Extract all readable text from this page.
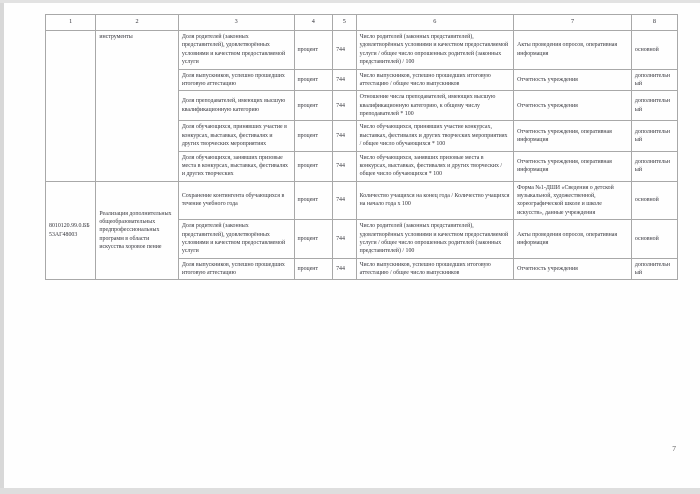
1	2	3	4	5	6	7	8
	инструменты	Доля родителей (законных представителей), удовлетворённых условиями и качеством предоставляемой услуги	процент	744	Число родителей (законных представителей), удовлетворённых условиями и качеством предоставляемой услуги / общее число опрошенных родителей (законных представителей) / 100	Акты проведения опросов, оперативная информация	основной
		Доля выпускников, успешно прошедших итоговую аттестацию	процент	744	Число выпускников, успешно прошедших итоговую аттестацию / общее число выпускников	Отчетность учреждения	дополнительный
		Доля преподавателей, имеющих высшую квалификационную категорию	процент	744	Отношение числа преподавателей, имеющих высшую квалификационную категорию, к общему числу преподавателей * 100	Отчетность учреждения	дополнительный
		Доля обучающихся, принявших участие в конкурсах, выставках, фестивалях и других творческих мероприятиях	процент	744	Число обучающихся, принявших участие конкурсах, выставках, фестивалях и других творческих мероприятиях / общее число обучающихся * 100	Отчетность учреждения, оперативная информация	дополнительный
		Доля обучающихся, занявших призовые места в конкурсах, выставках, фестивалях и других творческих	процент	744	Число обучающихся, занявших призовые места в конкурсах, выставках, фестивалях и других творческих / общее число обучающихся * 100	Отчетность учреждения, оперативная информация	дополнительный
8010120.99.0.ББ53АГ48003	Реализация дополнительных общеобразовательных предпрофессиональных программ в области искусства хоровое пение	Сохранение контингента обучающихся в течение учебного года	процент	744	Количество учащихся на конец года / Количество учащихся на начало года х 100	Форма №1-ДШИ «Сведения о детской музыкальной, художественной, хореографической школе и школе искусств», данные учреждения	основной
		Доля родителей (законных представителей), удовлетворённых условиями и качеством предоставляемой услуги	процент	744	Число родителей (законных представителей), удовлетворённых условиями и качеством предоставляемой услуги / общее число опрошенных родителей (законных представителей) / 100	Акты проведения опросов, оперативная информация	основной
		Доля выпускников, успешно прошедших итоговую аттестацию	процент	744	Число выпускников, успешно прошедших итоговую аттестацию / общее число выпускников	Отчетность учреждения	дополнительный
7
